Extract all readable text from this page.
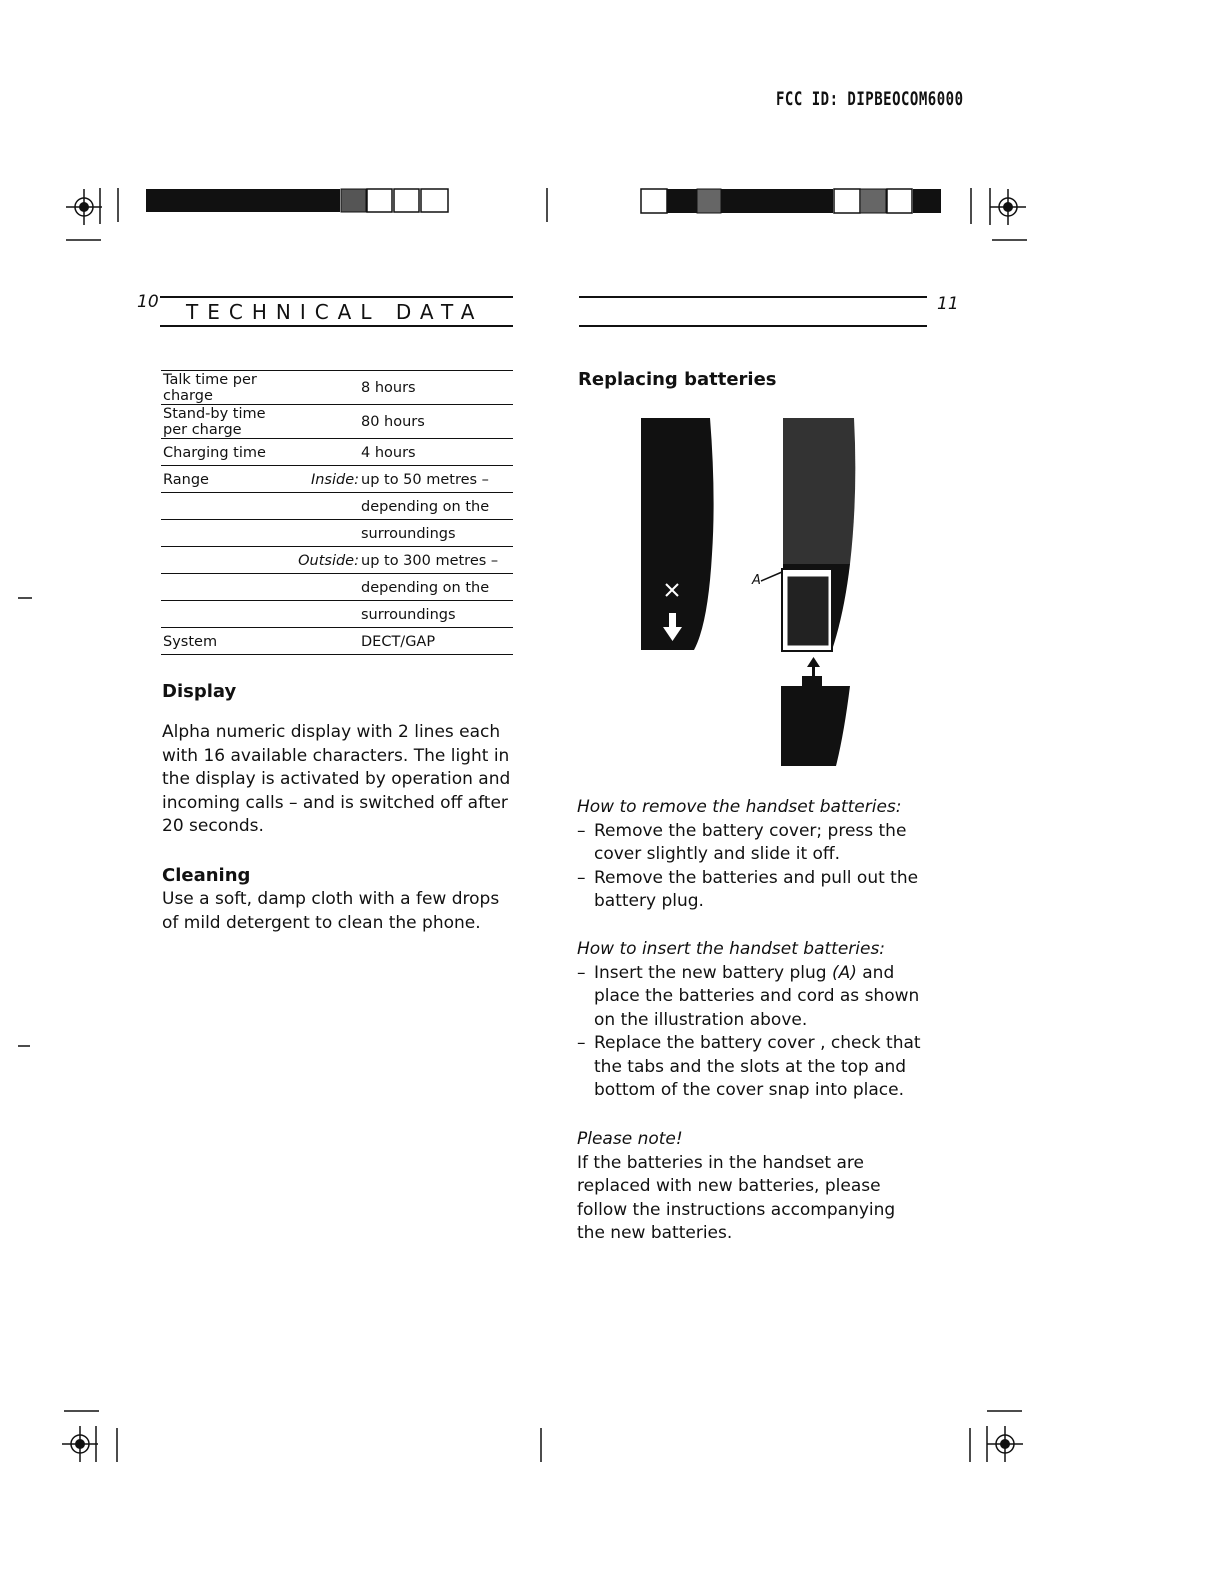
FCC ID: DIPBEOCOM6000
10 TECHNICAL DATA
Talk time per charge		8 hours
Stand-by time per charge		80 hours
Charging time		4 hours
Range	Inside:	up to 50 metres –
		depending on the
		surroundings
	Outside:	up to 300 metres –
		depending on the
		surroundings
System		DECT/GAP
Display
Alpha numeric display with 2 lines each with 16 available characters. The light in the display is activated by operation and incoming calls – and is switched off after 20 seconds.
Cleaning
Use a soft, damp cloth with a few drops of mild detergent to clean the phone.
11
Replacing batteries
A
How to remove the handset batteries:
– Remove the battery cover; press the cover slightly and slide it off.
– Remove the batteries and pull out the battery plug.
How to insert the handset batteries:
– Insert the new battery plug (A) and place the batteries and cord as shown on the illustration above.
– Replace the battery cover , check that the tabs and the slots at the top and bottom of the cover snap into place.
Please note!
If the batteries in the handset are replaced with new batteries, please follow the instructions accompanying the new batteries.
